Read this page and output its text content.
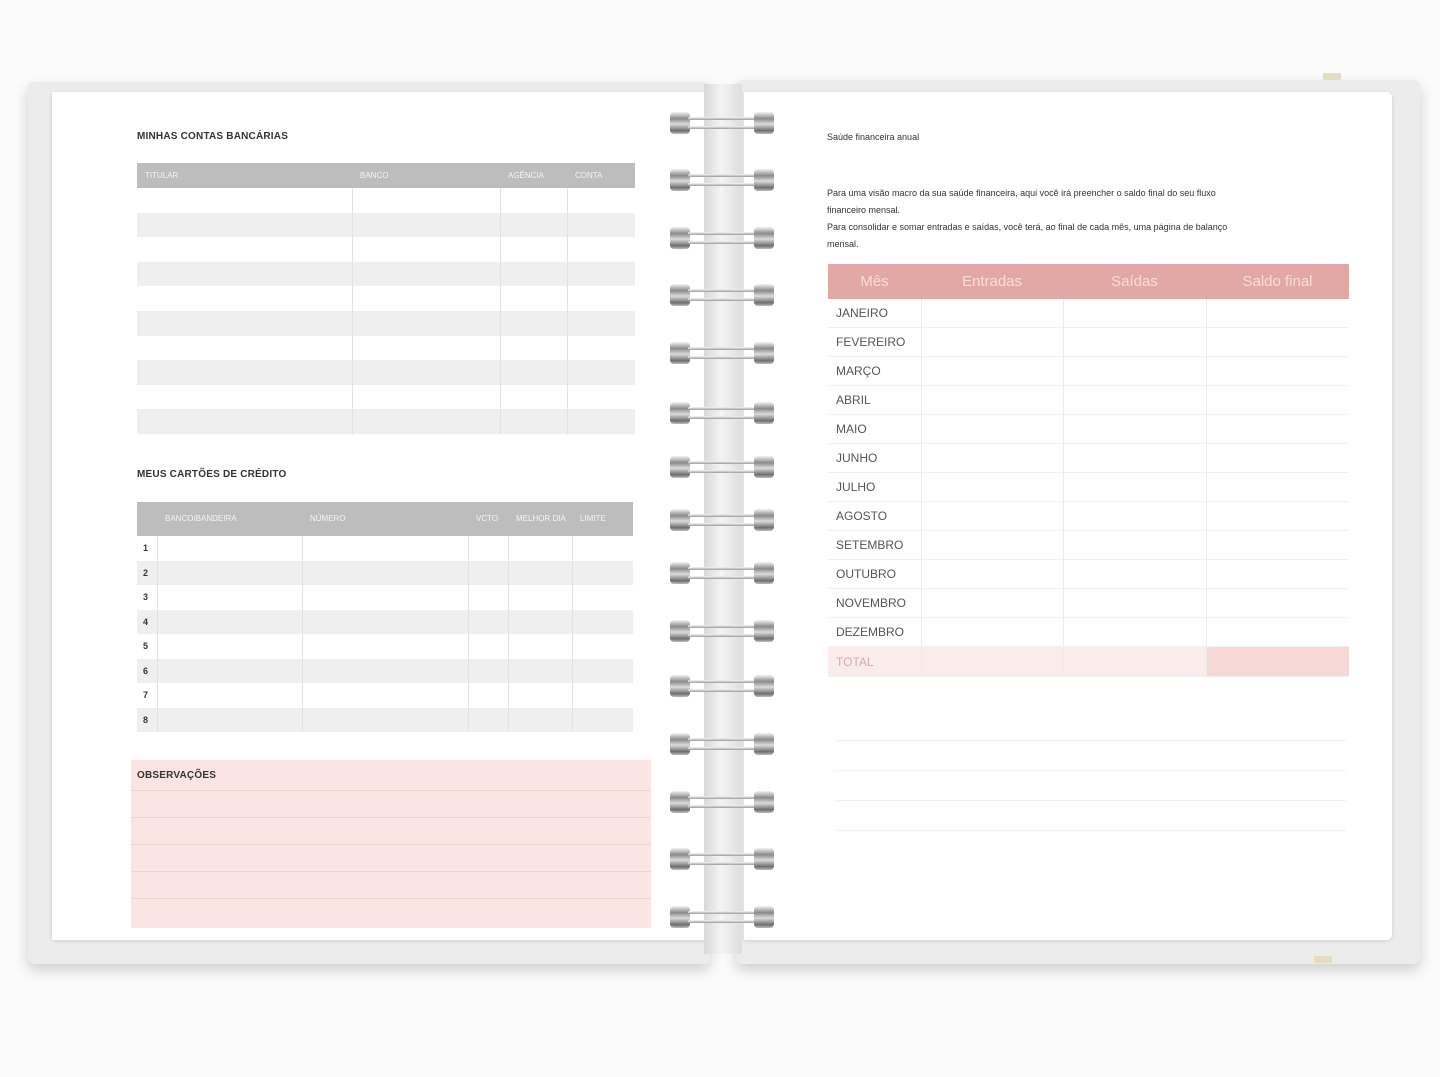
MINHAS CONTAS BANCÁRIAS
TITULAR	BANCO	AGÊNCIA	CONTA

MEUS CARTÕES DE CRÉDITO
	BANCO/BANDEIRA	NÚMERO	VCTO	MELHOR DIA	LIMITE
1					
2					
3					
4					
5					
6					
7					
8					
OBSERVAÇÕES
Saúde financeira anual
Para uma visão macro da sua saúde financeira, aqui você irá preencher o saldo final do seu fluxo
financeiro mensal.
Para consolidar e somar entradas e saídas, você terá, ao final de cada mês, uma página de balanço
mensal.
Mês	Entradas	Saídas	Saldo final
JANEIRO			
FEVEREIRO			
MARÇO			
ABRIL			
MAIO			
JUNHO			
JULHO			
AGOSTO			
SETEMBRO			
OUTUBRO			
NOVEMBRO			
DEZEMBRO			
TOTAL			
